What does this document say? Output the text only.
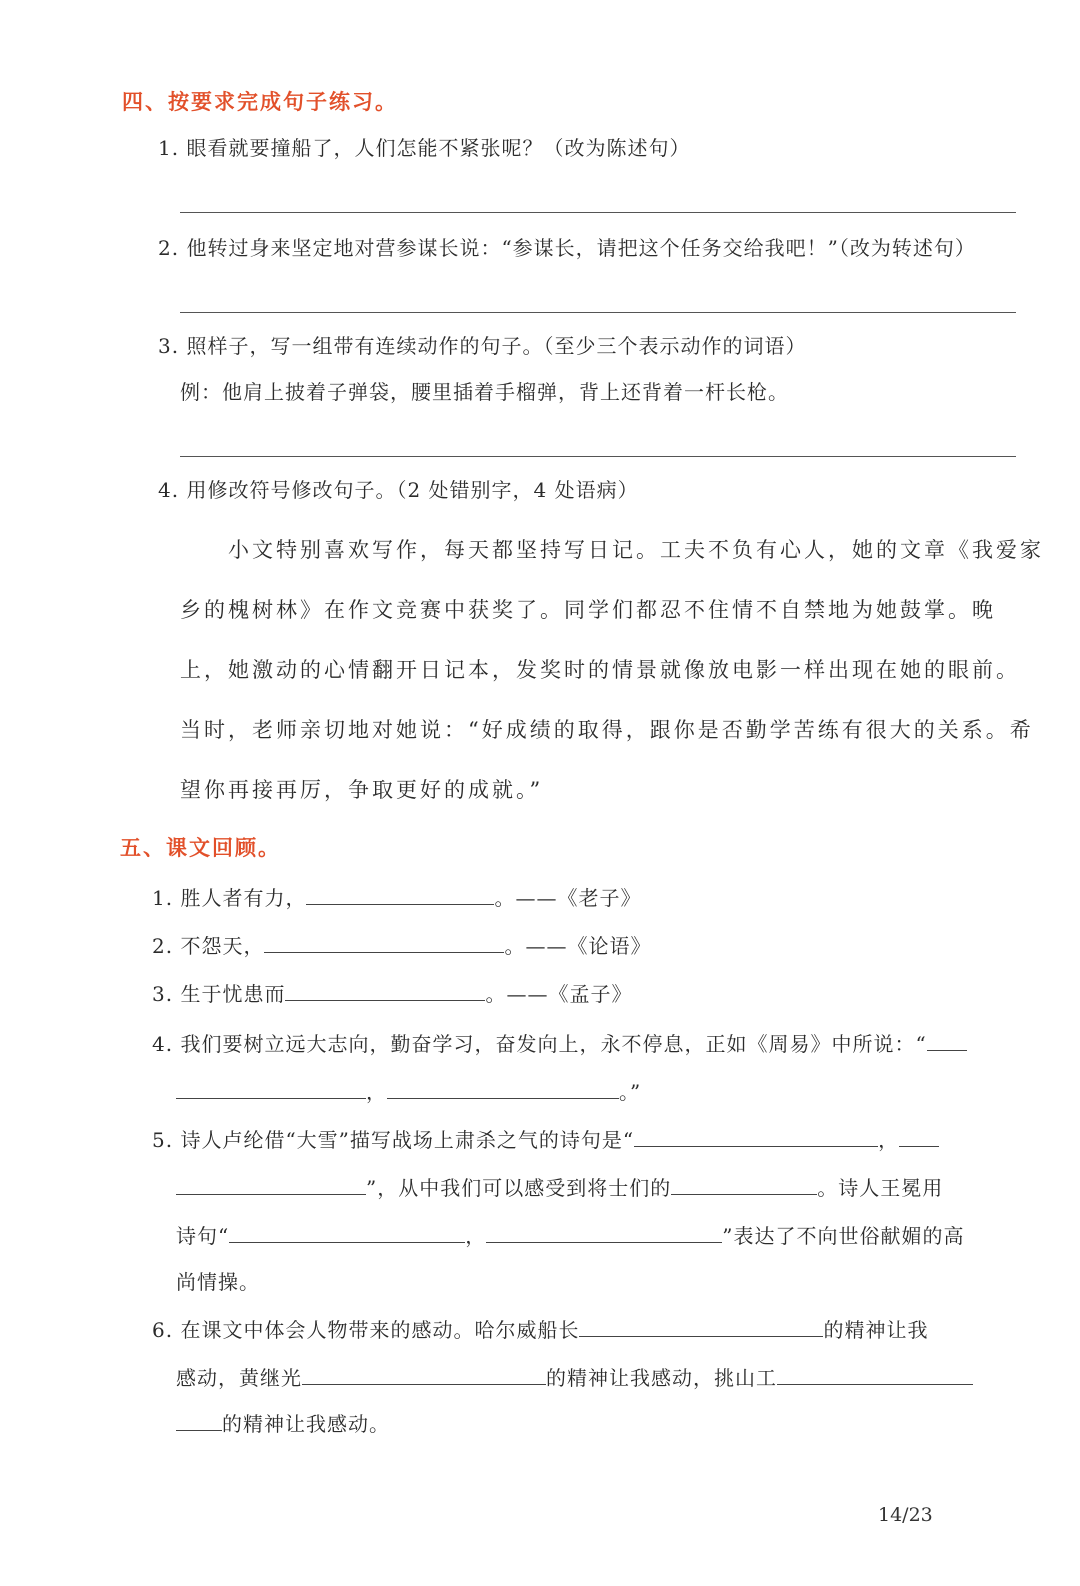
四、按要求完成句子练习。
1. 眼看就要撞船了，人们怎能不紧张呢？（改为陈述句）
2. 他转过身来坚定地对营参谋长说：“参谋长，请把这个任务交给我吧！”（改为转述句）
3. 照样子，写一组带有连续动作的句子。（至少三个表示动作的词语）
例：他肩上披着子弹袋，腰里插着手榴弹，背上还背着一杆长枪。
4. 用修改符号修改句子。（2 处错别字，4 处语病）
小文特别喜欢写作，每天都坚持写日记。工夫不负有心人，她的文章《我爱家
乡的槐树林》在作文竞赛中获奖了。同学们都忍不住情不自禁地为她鼓掌。晚
上，她激动的心情翻开日记本，发奖时的情景就像放电影一样出现在她的眼前。
当时，老师亲切地对她说：“好成绩的取得，跟你是否勤学苦练有很大的关系。希
望你再接再厉，争取更好的成就。”
五、课文回顾。
1. 胜人者有力，	。——《老子》
2. 不怨天，	。——《论语》
3. 生于忧患而	。——《孟子》
4. 我们要树立远大志向，勤奋学习，奋发向上，永不停息，正如《周易》中所说：“
，	。”
5. 诗人卢纶借“大雪”描写战场上肃杀之气的诗句是“	，
”，从中我们可以感受到将士们的	。诗人王冕用
诗句“	，	”表达了不向世俗献媚的高
尚情操。
6. 在课文中体会人物带来的感动。哈尔威船长	的精神让我
感动，黄继光	的精神让我感动，挑山工
的精神让我感动。
14/23
